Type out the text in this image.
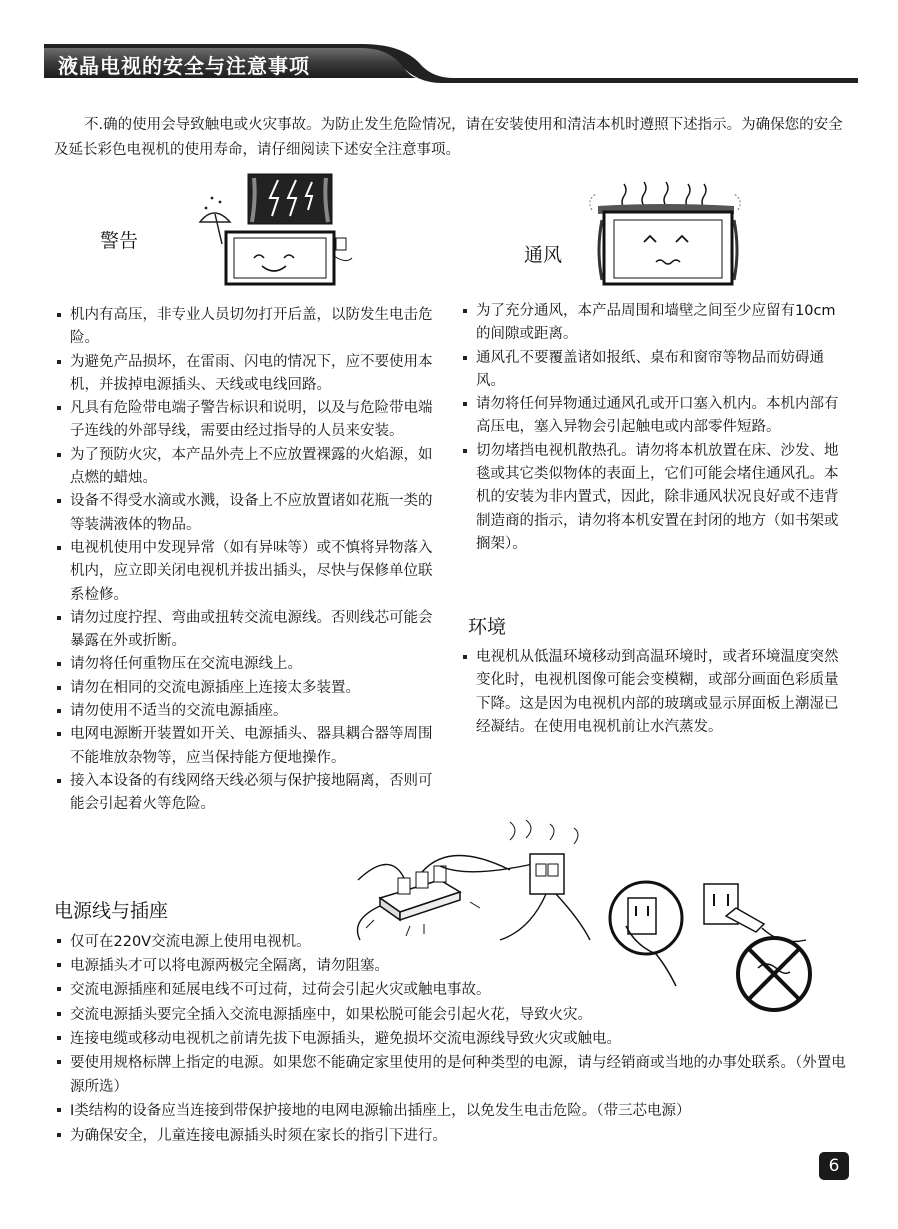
液晶电视的安全与注意事项

不.确的使用会导致触电或火灾事故。为防止发生危险情况，请在安装使用和清洁本机时遵照下述指示。为确保您的安全及延长彩色电视机的使用寿命，请仔细阅读下述安全注意事项。

警告
通风
机内有高压，非专业人员切勿打开后盖，以防发生电击危险。
为避免产品损坏，在雷雨、闪电的情况下，应不要使用本机，并拔掉电源插头、天线或电线回路。
凡具有危险带电端子警告标识和说明，以及与危险带电端子连线的外部导线，需要由经过指导的人员来安装。
为了预防火灾，本产品外壳上不应放置裸露的火焰源，如点燃的蜡烛。
设备不得受水滴或水溅，设备上不应放置诸如花瓶一类的等装满液体的物品。
电视机使用中发现异常（如有异味等）或不慎将异物落入机内，应立即关闭电视机并拔出插头，尽快与保修单位联系检修。
请勿过度拧捏、弯曲或扭转交流电源线。否则线芯可能会暴露在外或折断。
请勿将任何重物压在交流电源线上。
请勿在相同的交流电源插座上连接太多装置。
请勿使用不适当的交流电源插座。
电网电源断开装置如开关、电源插头、器具耦合器等周围不能堆放杂物等，应当保持能方便地操作。
接入本设备的有线网络天线必须与保护接地隔离，否则可能会引起着火等危险。
为了充分通风，本产品周围和墙壁之间至少应留有10cm的间隙或距离。
通风孔不要覆盖诸如报纸、桌布和窗帘等物品而妨碍通风。
请勿将任何异物通过通风孔或开口塞入机内。本机内部有高压电，塞入异物会引起触电或内部零件短路。
切勿堵挡电视机散热孔。请勿将本机放置在床、沙发、地毯或其它类似物体的表面上，它们可能会堵住通风孔。本机的安装为非内置式，因此，除非通风状况良好或不违背制造商的指示，请勿将本机安置在封闭的地方（如书架或搁架）。
环境
电视机从低温环境移动到高温环境时，或者环境温度突然变化时，电视机图像可能会变模糊，或部分画面色彩质量下降。这是因为电视机内部的玻璃或显示屏面板上潮湿已经凝结。在使用电视机前让水汽蒸发。
电源线与插座
仅可在220V交流电源上使用电视机。
电源插头才可以将电源两极完全隔离，请勿阻塞。
交流电源插座和延展电线不可过荷，过荷会引起火灾或触电事故。
交流电源插头要完全插入交流电源插座中，如果松脱可能会引起火花，导致火灾。
连接电缆或移动电视机之前请先拔下电源插头，避免损坏交流电源线导致火灾或触电。
要使用规格标牌上指定的电源。如果您不能确定家里使用的是何种类型的电源，请与经销商或当地的办事处联系。（外置电源所选）
Ⅰ类结构的设备应当连接到带保护接地的电网电源输出插座上，以免发生电击危险。（带三芯电源）
为确保安全，儿童连接电源插头时须在家长的指引下进行。
6
